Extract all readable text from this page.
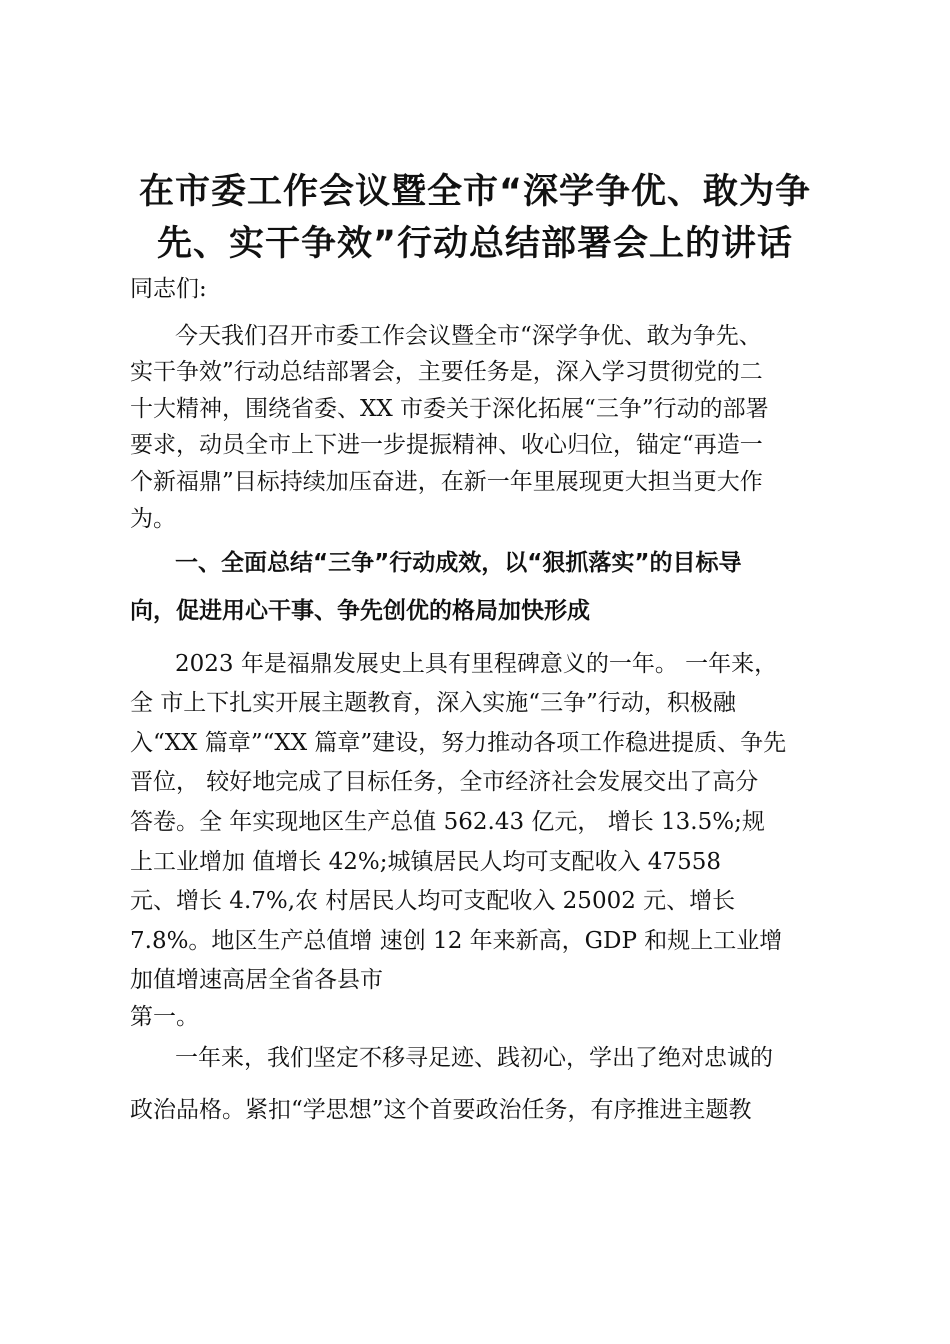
在市委工作会议暨全市“深学争优、敢为争
先、实干争效”行动总结部署会上的讲话

同志们:

今天我们召开市委工作会议暨全市“深学争优、敢为争先、

实干争效”行动总结部署会，主要任务是，深入学习贯彻党的二

十大精神，围绕省委、XX 市委关于深化拓展“三争”行动的部署

要求，动员全市上下进一步提振精神、收心归位，锚定“再造一

个新福鼎”目标持续加压奋进，在新一年里展现更大担当更大作

为。

一、全面总结“三争”行动成效，以“狠抓落实”的目标导
向，促进用心干事、争先创优的格局加快形成

2023 年是福鼎发展史上具有里程碑意义的一年。 一年来，

全 市上下扎实开展主题教育，深入实施“三争”行动，积极融

入“XX 篇章”“XX 篇章”建设，努力推动各项工作稳进提质、争先

晋位， 较好地完成了目标任务，全市经济社会发展交出了高分

答卷。全 年实现地区生产总值 562.43 亿元， 增长 13.5%;规

上工业增加 值增长 42%;城镇居民人均可支配收入 47558

元、增长 4.7%,农 村居民人均可支配收入 25002 元、增长

7.8%。地区生产总值增 速创 12 年来新高，GDP 和规上工业增

加值增速高居全省各县市

第一。

一年来，我们坚定不移寻足迹、践初心，学出了绝对忠诚的

政治品格。紧扣“学思想”这个首要政治任务，有序推进主题教
